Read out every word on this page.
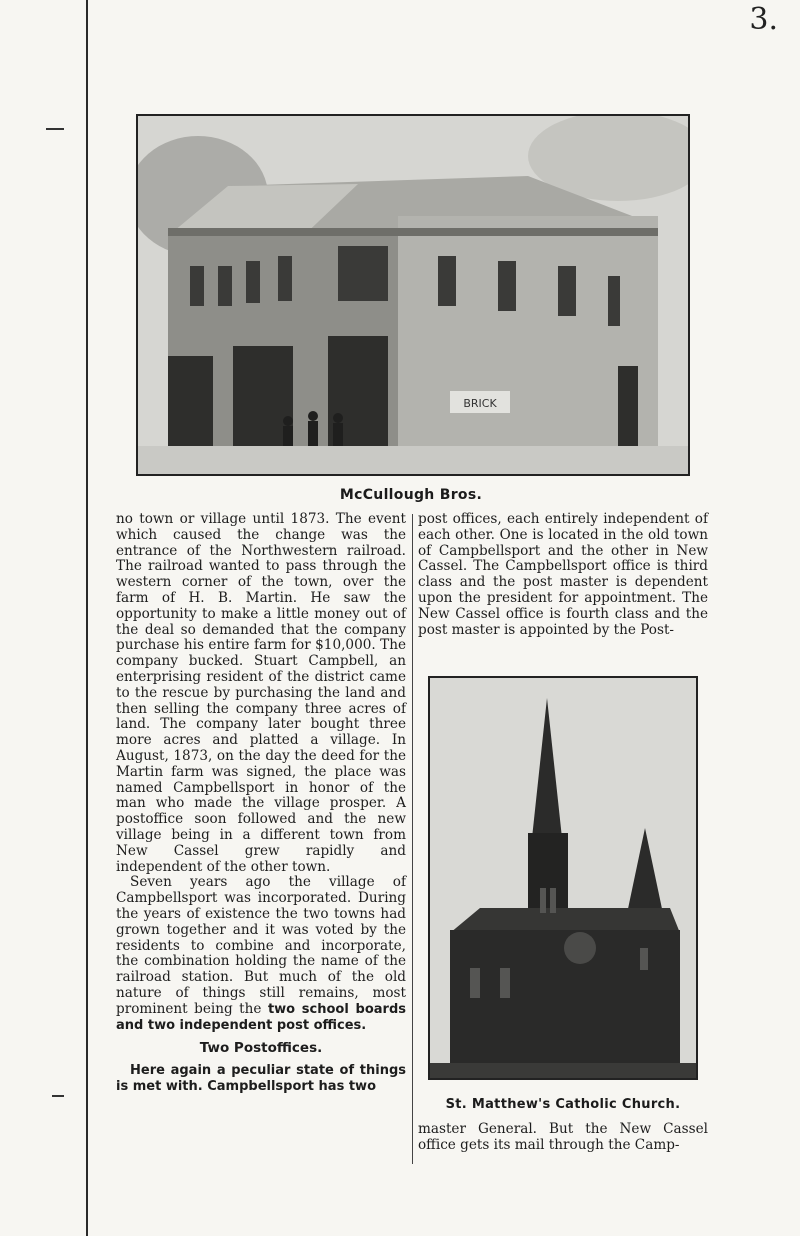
3.
BRICK
McCullough Bros.

no town or village until 1873. The event which caused the change was the entrance of the Northwestern railroad. The railroad wanted to pass through the western corner of the town, over the farm of H. B. Martin. He saw the opportunity to make a little money out of the deal so demanded that the company purchase his entire farm for $10,000. The company bucked. Stuart Campbell, an enterprising resident of the district came to the rescue by purchasing the land and then selling the company three acres of land. The company later bought three more acres and platted a village. In August, 1873, on the day the deed for the Martin farm was signed, the place was named Campbellsport in honor of the man who made the village prosper. A postoffice soon followed and the new village being in a different town from New Cassel grew rapidly and independent of the other town.

Seven years ago the village of Campbellsport was incorporated. During the years of existence the two towns had grown together and it was voted by the residents to combine and incorporate, the combination holding the name of the railroad station. But much of the old nature of things still remains, most prominent being the two school boards and two independent post offices.

Two Postoffices.

Here again a peculiar state of things is met with. Campbellsport has two

post offices, each entirely independent of each other. One is located in the old town of Campbellsport and the other in New Cassel. The Campbellsport office is third class and the post master is dependent upon the president for appointment. The New Cassel office is fourth class and the post master is appointed by the Post-

St. Matthew's Catholic Church.

master General. But the New Cassel office gets its mail through the Camp-
